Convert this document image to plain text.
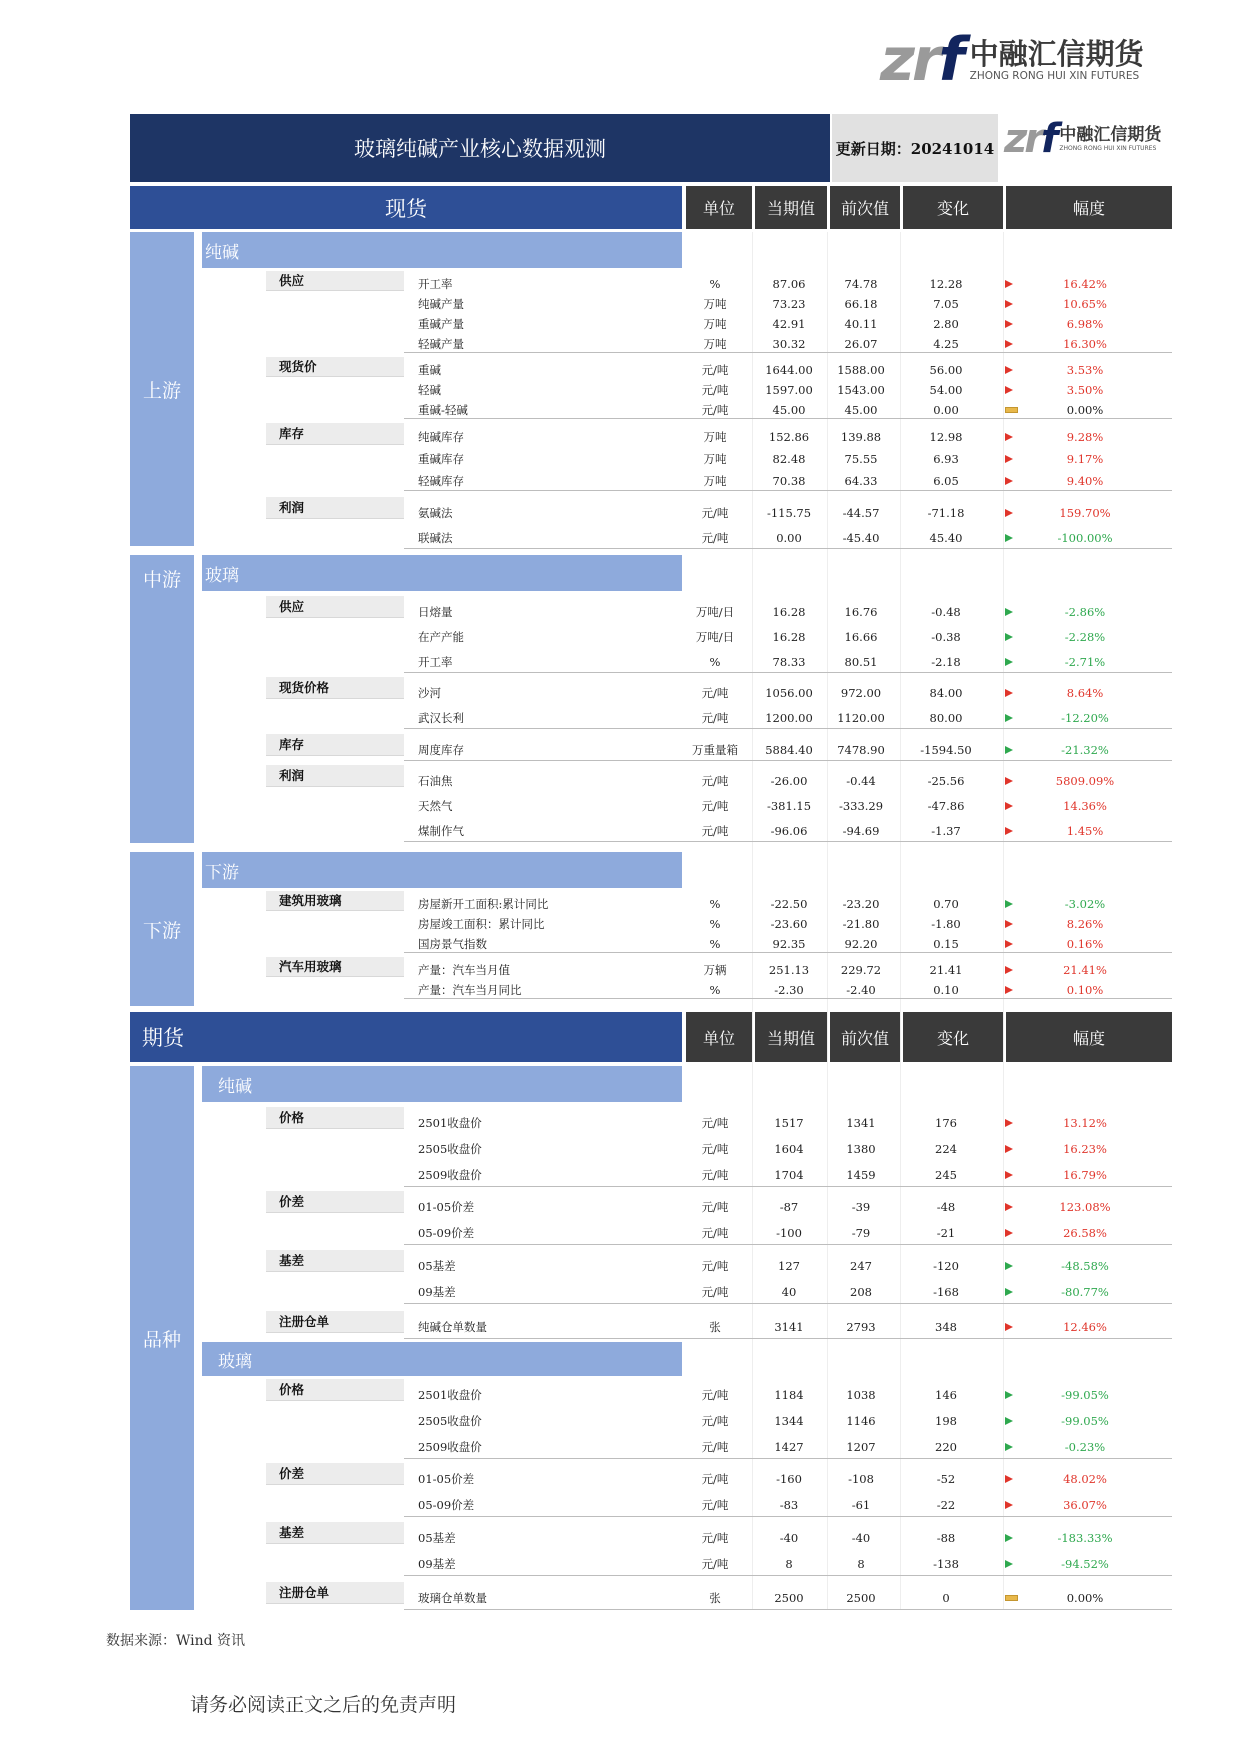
zrf 中融汇信期货
ZHONG RONG HUI XIN FUTURES
玻璃纯碱产业核心数据观测	更新日期：20241014 zrf 中融汇信期货
ZHONG RONG HUI XIN FUTURES
现货	单位 当期值 前次值	变化	幅度
期货	单位 当期值 前次值	变化	幅度
上游
中游
下游
品种
纯碱
玻璃
下游
纯碱
玻璃
供应	开工率	%	87.06	74.78	12.28	16.42%
纯碱产量	万吨	73.23	66.18	7.05	10.65%
重碱产量	万吨	42.91	40.11	2.80	6.98%
轻碱产量	万吨	30.32	26.07	4.25	16.30%
现货价	重碱	元/吨	1644.00	1588.00	56.00	3.53%
轻碱	元/吨	1597.00	1543.00	54.00	3.50%
重碱-轻碱	元/吨	45.00	45.00	0.00	0.00%
库存	纯碱库存	万吨	152.86	139.88	12.98	9.28%
重碱库存	万吨	82.48	75.55	6.93	9.17%
轻碱库存	万吨	70.38	64.33	6.05	9.40%
利润	氨碱法	元/吨	-115.75	-44.57	-71.18	159.70%
联碱法	元/吨	0.00	-45.40	45.40	-100.00%
供应	日熔量	万吨/日	16.28	16.76	-0.48	-2.86%
在产产能	万吨/日	16.28	16.66	-0.38	-2.28%
开工率	%	78.33	80.51	-2.18	-2.71%
现货价格	沙河	元/吨	1056.00	972.00	84.00	8.64%
武汉长利	元/吨	1200.00	1120.00	80.00	-12.20%
库存	周度库存	万重量箱	5884.40	7478.90	-1594.50	-21.32%
利润	石油焦	元/吨	-26.00	-0.44	-25.56	5809.09%
天然气	元/吨	-381.15	-333.29	-47.86	14.36%
煤制作气	元/吨	-96.06	-94.69	-1.37	1.45%
建筑用玻璃	房屋新开工面积:累计同比	%	-22.50	-23.20	0.70	-3.02%
房屋竣工面积：累计同比	%	-23.60	-21.80	-1.80	8.26%
国房景气指数	%	92.35	92.20	0.15	0.16%
汽车用玻璃	产量：汽车当月值	万辆	251.13	229.72	21.41	21.41%
产量：汽车当月同比	%	-2.30	-2.40	0.10	0.10%
价格	2501收盘价	元/吨	1517	1341	176	13.12%
2505收盘价	元/吨	1604	1380	224	16.23%
2509收盘价	元/吨	1704	1459	245	16.79%
价差	01-05价差	元/吨	-87	-39	-48	123.08%
05-09价差	元/吨	-100	-79	-21	26.58%
基差	05基差	元/吨	127	247	-120	-48.58%
09基差	元/吨	40	208	-168	-80.77%
注册仓单	纯碱仓单数量	张	3141	2793	348	12.46%
价格	2501收盘价	元/吨	1184	1038	146	-99.05%
2505收盘价	元/吨	1344	1146	198	-99.05%
2509收盘价	元/吨	1427	1207	220	-0.23%
价差	01-05价差	元/吨	-160	-108	-52	48.02%
05-09价差	元/吨	-83	-61	-22	36.07%
基差	05基差	元/吨	-40	-40	-88	-183.33%
09基差	元/吨	8	8	-138	-94.52%
注册仓单	玻璃仓单数量	张	2500	2500	0	0.00%
数据来源：Wind 资讯
请务必阅读正文之后的免责声明
